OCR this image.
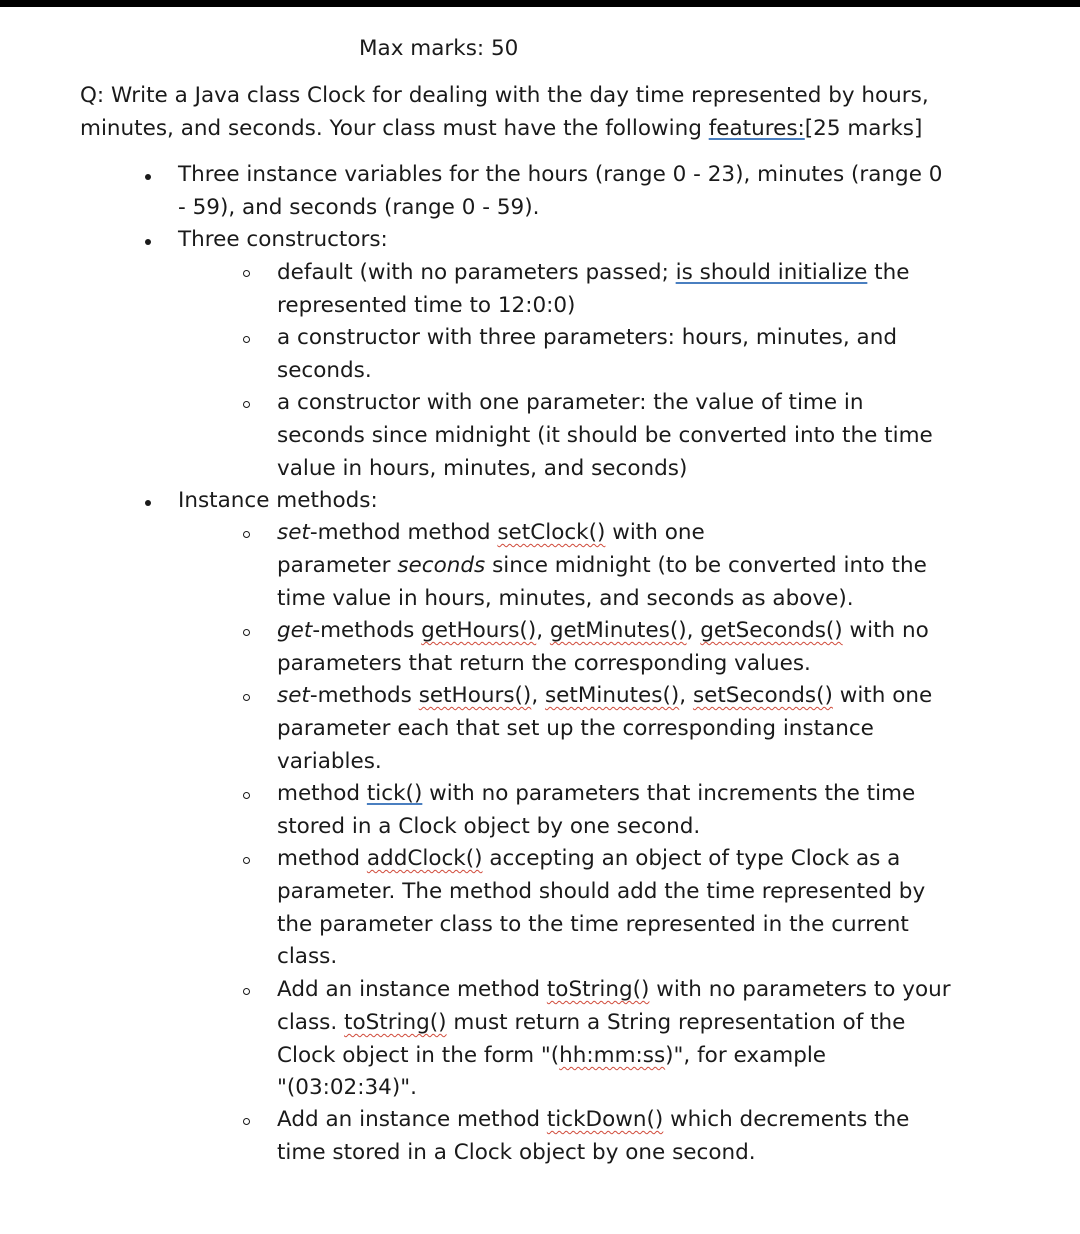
Max marks: 50
Q: Write a Java class Clock for dealing with the day time represented by hours,
minutes, and seconds. Your class must have the following features:[25 marks]
Three instance variables for the hours (range 0 - 23), minutes (range 0
- 59), and seconds (range 0 - 59).
Three constructors:
default (with no parameters passed; is should initialize the
represented time to 12:0:0)
a constructor with three parameters: hours, minutes, and
seconds.
a constructor with one parameter: the value of time in
seconds since midnight (it should be converted into the time
value in hours, minutes, and seconds)
Instance methods:
set-method method setClock() with one
parameter seconds since midnight (to be converted into the
time value in hours, minutes, and seconds as above).
get-methods getHours(), getMinutes(), getSeconds() with no
parameters that return the corresponding values.
set-methods setHours(), setMinutes(), setSeconds() with one
parameter each that set up the corresponding instance
variables.
method tick() with no parameters that increments the time
stored in a Clock object by one second.
method addClock() accepting an object of type Clock as a
parameter. The method should add the time represented by
the parameter class to the time represented in the current
class.
Add an instance method toString() with no parameters to your
class. toString() must return a String representation of the
Clock object in the form "(hh:mm:ss)", for example
"(03:02:34)".
Add an instance method tickDown() which decrements the
time stored in a Clock object by one second.
